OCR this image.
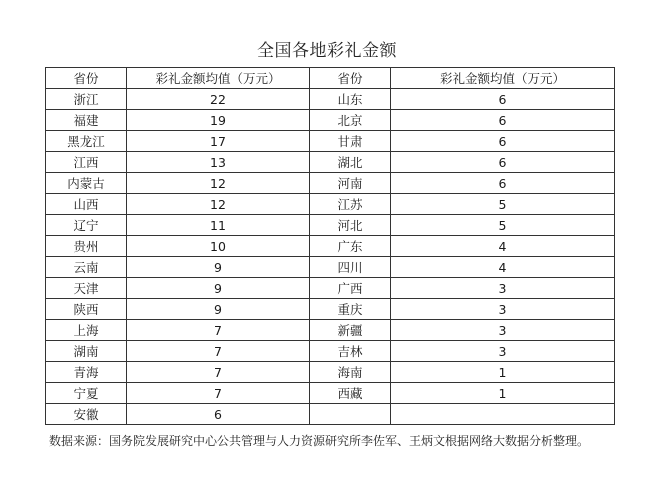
全国各地彩礼金额
省份	彩礼金额均值（万元）	省份	彩礼金额均值（万元）
浙江	22	山东	6
福建	19	北京	6
黑龙江	17	甘肃	6
江西	13	湖北	6
内蒙古	12	河南	6
山西	12	江苏	5
辽宁	11	河北	5
贵州	10	广东	4
云南	9	四川	4
天津	9	广西	3
陕西	9	重庆	3
上海	7	新疆	3
湖南	7	吉林	3
青海	7	海南	1
宁夏	7	西藏	1
安徽	6		
数据来源：国务院发展研究中心公共管理与人力资源研究所李佐军、王炳文根据网络大数据分析整理。
